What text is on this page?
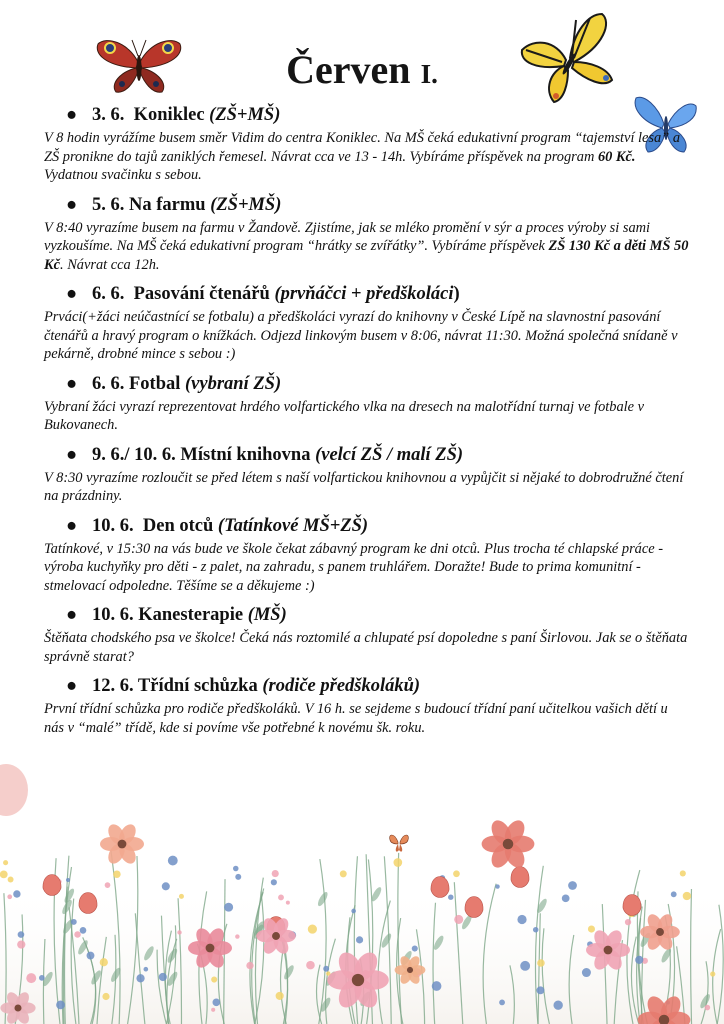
Červen I.

● 3. 6. Koniklec (ZŠ+MŠ)

V 8 hodin vyrážíme busem směr Vidim do centra Koniklec. Na MŠ čeká edukativní program “tajemství lesa” a ZŠ pronikne do tajů zaniklých řemesel. Návrat cca ve 13 - 14h. Vybíráme příspěvek na program 60 Kč. Vydatnou svačinku s sebou.

● 5. 6. Na farmu (ZŠ+MŠ)

V 8:40 vyrazíme busem na farmu v Žandově. Zjistíme, jak se mléko promění v sýr a proces výroby si sami vyzkoušíme. Na MŠ čeká edukativní program “hrátky se zvířátky”. Vybíráme příspěvek ZŠ 130 Kč a děti MŠ 50 Kč. Návrat cca 12h.

● 6. 6. Pasování čtenářů (prvňáčci + předškoláci)

Prváci(+žáci neúčastnící se fotbalu) a předškoláci vyrazí do knihovny v České Lípě na slavnostní pasování čtenářů a hravý program o knížkách. Odjezd linkovým busem v 8:06, návrat 11:30. Možná společná snídaně v pekárně, drobné mince s sebou :)

● 6. 6. Fotbal (vybraní ZŠ)

Vybraní žáci vyrazí reprezentovat hrdého volfartického vlka na dresech na malotřídní turnaj ve fotbale v Bukovanech.

● 9. 6./ 10. 6. Místní knihovna (velcí ZŠ / malí ZŠ)

V 8:30 vyrazíme rozloučit se před létem s naší volfartickou knihovnou a vypůjčit si nějaké to dobrodružné čtení na prázdniny.

● 10. 6. Den otců (Tatínkové MŠ+ZŠ)

Tatínkové, v 15:30 na vás bude ve škole čekat zábavný program ke dni otců. Plus trocha té chlapské práce - výroba kuchyňky pro děti - z palet, na zahradu, s panem truhlářem. Doražte! Bude to prima komunitní - stmelovací odpoledne. Těšíme se a děkujeme :)

● 10. 6. Kanesterapie (MŠ)

Štěňata chodského psa ve školce! Čeká nás roztomilé a chlupaté psí dopoledne s paní Širlovou. Jak se o štěňata správně starat?

● 12. 6. Třídní schůzka (rodiče předškoláků)

První třídní schůzka pro rodiče předškoláků. V 16 h. se sejdeme s budoucí třídní paní učitelkou vašich dětí u nás v “malé” třídě, kde si povíme vše potřebné k novému šk. roku.
